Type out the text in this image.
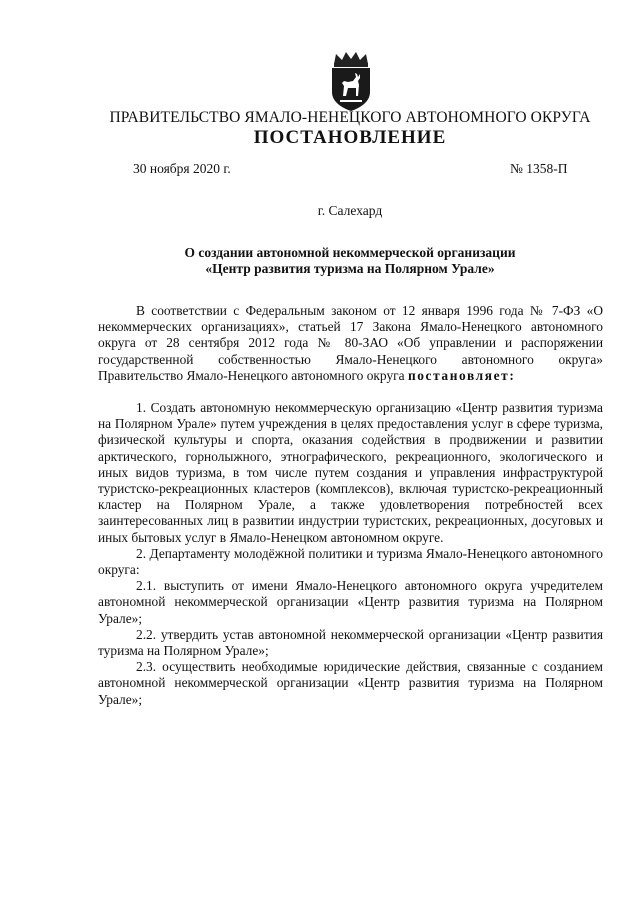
ПРАВИТЕЛЬСТВО ЯМАЛО-НЕНЕЦКОГО АВТОНОМНОГО ОКРУГА
ПОСТАНОВЛЕНИЕ
30 ноября 2020 г.	№ 1358-П
г. Салехард
О создании автономной некоммерческой организации
«Центр развития туризма на Полярном Урале»

В соответствии с Федеральным законом от 12 января 1996 года № 7-ФЗ «О некоммерческих организациях», статьей 17 Закона Ямало-Ненецкого автономного округа от 28 сентября 2012 года № 80-ЗАО «Об управлении и распоряжении государственной собственностью Ямало-Ненецкого автономного округа» Правительство Ямало-Ненецкого автономного округа постановляет:

1. Создать автономную некоммерческую организацию «Центр развития туризма на Полярном Урале» путем учреждения в целях предоставления услуг в сфере туризма, физической культуры и спорта, оказания содействия в продвижении и развитии арктического, горнолыжного, этнографического, рекреационного, экологического и иных видов туризма, в том числе путем создания и управления инфраструктурой туристско-рекреационных кластеров (комплексов), включая туристско-рекреационный кластер на Полярном Урале, а также удовлетворения потребностей всех заинтересованных лиц в развитии индустрии туристских, рекреационных, досуговых и иных бытовых услуг в Ямало-Ненецком автономном округе.

2. Департаменту молодёжной политики и туризма Ямало-Ненецкого автономного округа:

2.1. выступить от имени Ямало-Ненецкого автономного округа учредителем автономной некоммерческой организации «Центр развития туризма на Полярном Урале»;

2.2. утвердить устав автономной некоммерческой организации «Центр развития туризма на Полярном Урале»;

2.3. осуществить необходимые юридические действия, связанные с созданием автономной некоммерческой организации «Центр развития туризма на Полярном Урале»;
